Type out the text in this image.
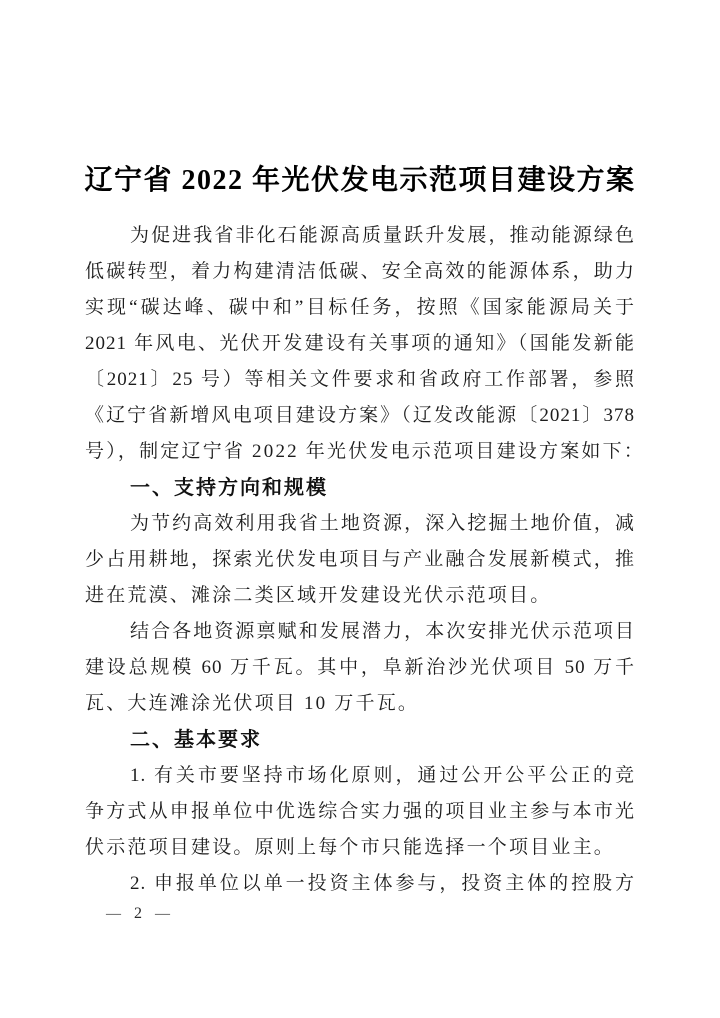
辽宁省 2022 年光伏发电示范项目建设方案
为促进我省非化石能源高质量跃升发展，推动能源绿色
低碳转型，着力构建清洁低碳、安全高效的能源体系，助力
实现“碳达峰、碳中和”目标任务，按照《国家能源局关于
2021 年风电、光伏开发建设有关事项的通知》（国能发新能
〔2021〕25 号）等相关文件要求和省政府工作部署，参照
《辽宁省新增风电项目建设方案》（辽发改能源〔2021〕378
号），制定辽宁省 2022 年光伏发电示范项目建设方案如下：
一、支持方向和规模
为节约高效利用我省土地资源，深入挖掘土地价值，减
少占用耕地，探索光伏发电项目与产业融合发展新模式，推
进在荒漠、滩涂二类区域开发建设光伏示范项目。
结合各地资源禀赋和发展潜力，本次安排光伏示范项目
建设总规模 60 万千瓦。其中，阜新治沙光伏项目 50 万千
瓦、大连滩涂光伏项目 10 万千瓦。
二、基本要求
1. 有关市要坚持市场化原则，通过公开公平公正的竞
争方式从申报单位中优选综合实力强的项目业主参与本市光
伏示范项目建设。原则上每个市只能选择一个项目业主。
2. 申报单位以单一投资主体参与，投资主体的控股方
— 2 —
